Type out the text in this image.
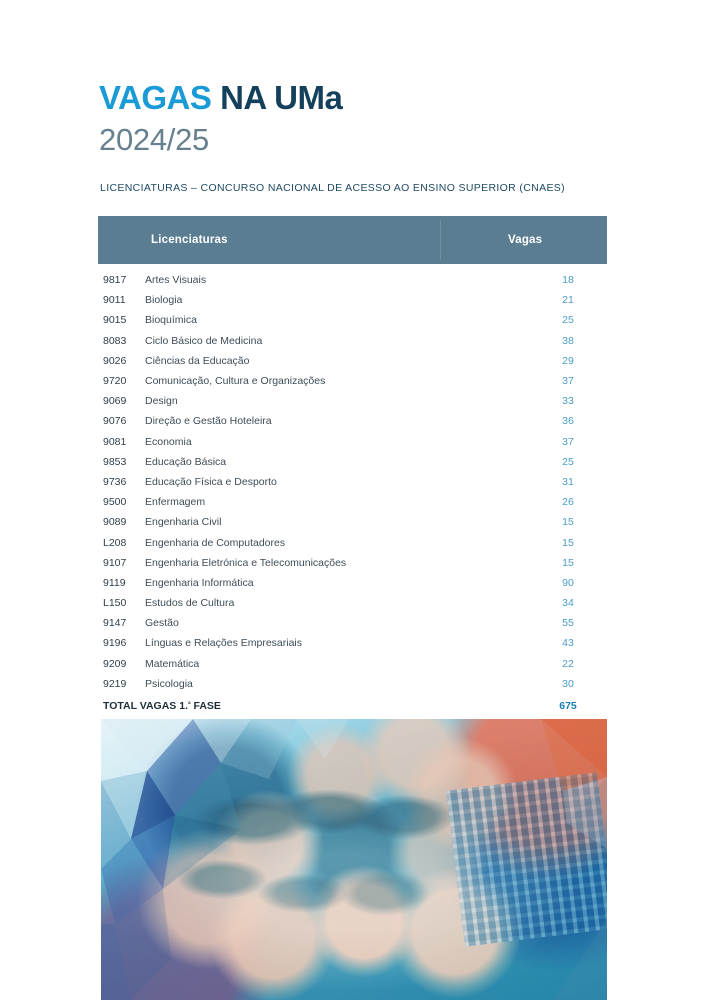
VAGAS NA UMa
2024/25
LICENCIATURAS – CONCURSO NACIONAL DE ACESSO AO ENSINO SUPERIOR (CNAES)
Licenciaturas	Vagas
9817	Artes Visuais	18
9011	Biologia	21
9015	Bioquímica	25
8083	Ciclo Básico de Medicina	38
9026	Ciências da Educação	29
9720	Comunicação, Cultura e Organizações	37
9069	Design	33
9076	Direção e Gestão Hoteleira	36
9081	Economia	37
9853	Educação Básica	25
9736	Educação Física e Desporto	31
9500	Enfermagem	26
9089	Engenharia Civil	15
L208	Engenharia de Computadores	15
9107	Engenharia Eletrónica e Telecomunicações	15
9119	Engenharia Informática	90
L150	Estudos de Cultura	34
9147	Gestão	55
9196	Línguas e Relações Empresariais	43
9209	Matemática	22
9219	Psicologia	30
TOTAL VAGAS 1.$^ª$ FASE	675
